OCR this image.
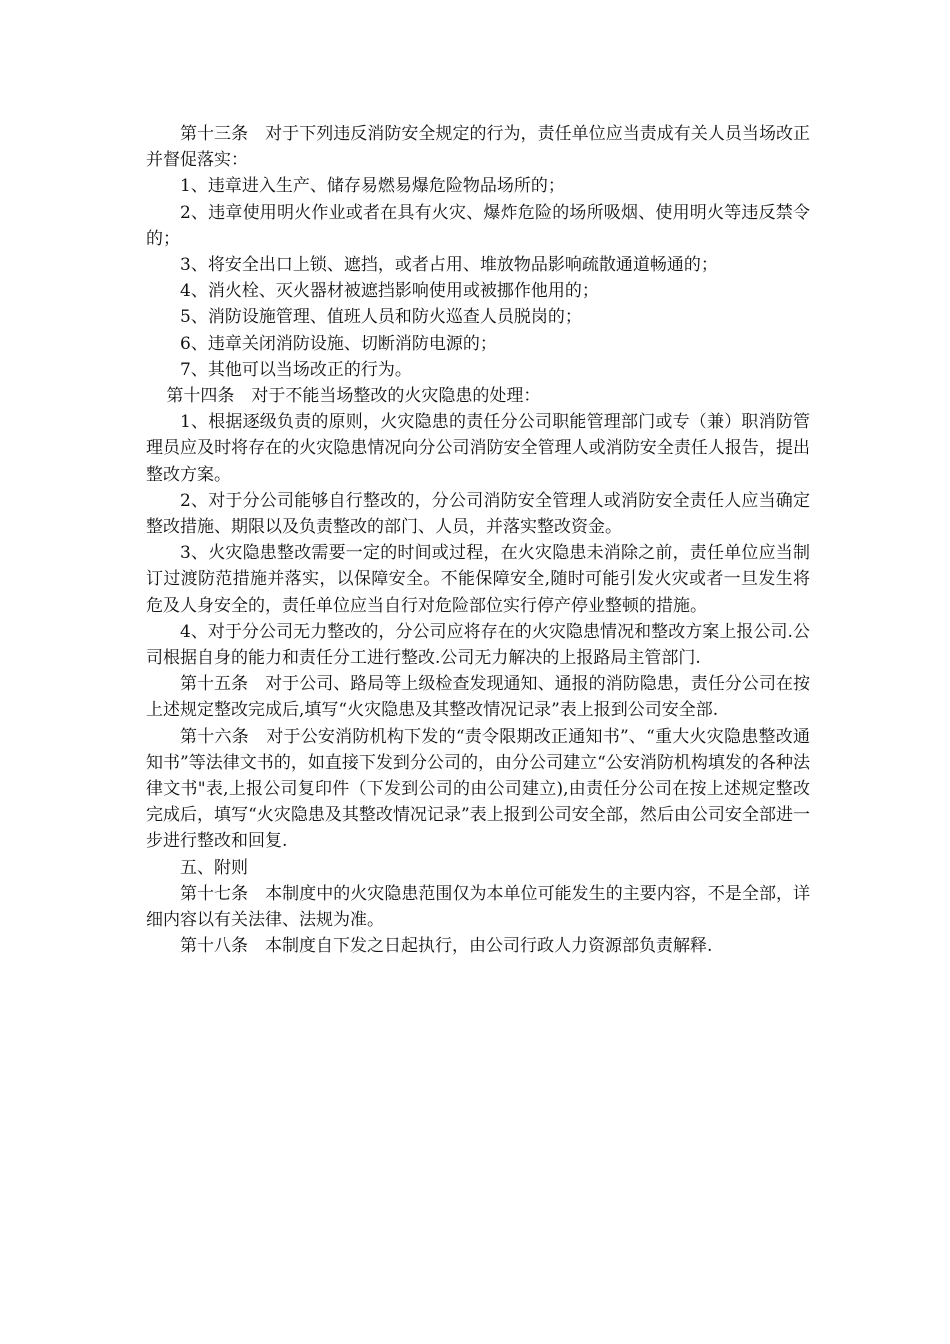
第十三条　对于下列违反消防安全规定的行为，责任单位应当责成有关人员当场改正并督促落实：

1、违章进入生产、储存易燃易爆危险物品场所的；

2、违章使用明火作业或者在具有火灾、爆炸危险的场所吸烟、使用明火等违反禁令的；

3、将安全出口上锁、遮挡，或者占用、堆放物品影响疏散通道畅通的；

4、消火栓、灭火器材被遮挡影响使用或被挪作他用的；

5、消防设施管理、值班人员和防火巡查人员脱岗的；

6、违章关闭消防设施、切断消防电源的；

7、其他可以当场改正的行为。

第十四条　对于不能当场整改的火灾隐患的处理：

1、根据逐级负责的原则，火灾隐患的责任分公司职能管理部门或专（兼）职消防管理员应及时将存在的火灾隐患情况向分公司消防安全管理人或消防安全责任人报告，提出整改方案。

2、对于分公司能够自行整改的，分公司消防安全管理人或消防安全责任人应当确定整改措施、期限以及负责整改的部门、人员，并落实整改资金。

3、火灾隐患整改需要一定的时间或过程，在火灾隐患未消除之前，责任单位应当制订过渡防范措施并落实，以保障安全。不能保障安全,随时可能引发火灾或者一旦发生将危及人身安全的，责任单位应当自行对危险部位实行停产停业整顿的措施。

4、对于分公司无力整改的，分公司应将存在的火灾隐患情况和整改方案上报公司.公司根据自身的能力和责任分工进行整改.公司无力解决的上报路局主管部门.

第十五条　对于公司、路局等上级检查发现通知、通报的消防隐患，责任分公司在按上述规定整改完成后,填写“火灾隐患及其整改情况记录”表上报到公司安全部.

第十六条　对于公安消防机构下发的“责令限期改正通知书”、“重大火灾隐患整改通知书”等法律文书的，如直接下发到分公司的，由分公司建立“公安消防机构填发的各种法律文书"表,上报公司复印件（下发到公司的由公司建立),由责任分公司在按上述规定整改完成后，填写“火灾隐患及其整改情况记录”表上报到公司安全部，然后由公司安全部进一步进行整改和回复.

五、附则

第十七条　本制度中的火灾隐患范围仅为本单位可能发生的主要内容，不是全部，详细内容以有关法律、法规为准。

第十八条　本制度自下发之日起执行，由公司行政人力资源部负责解释.
